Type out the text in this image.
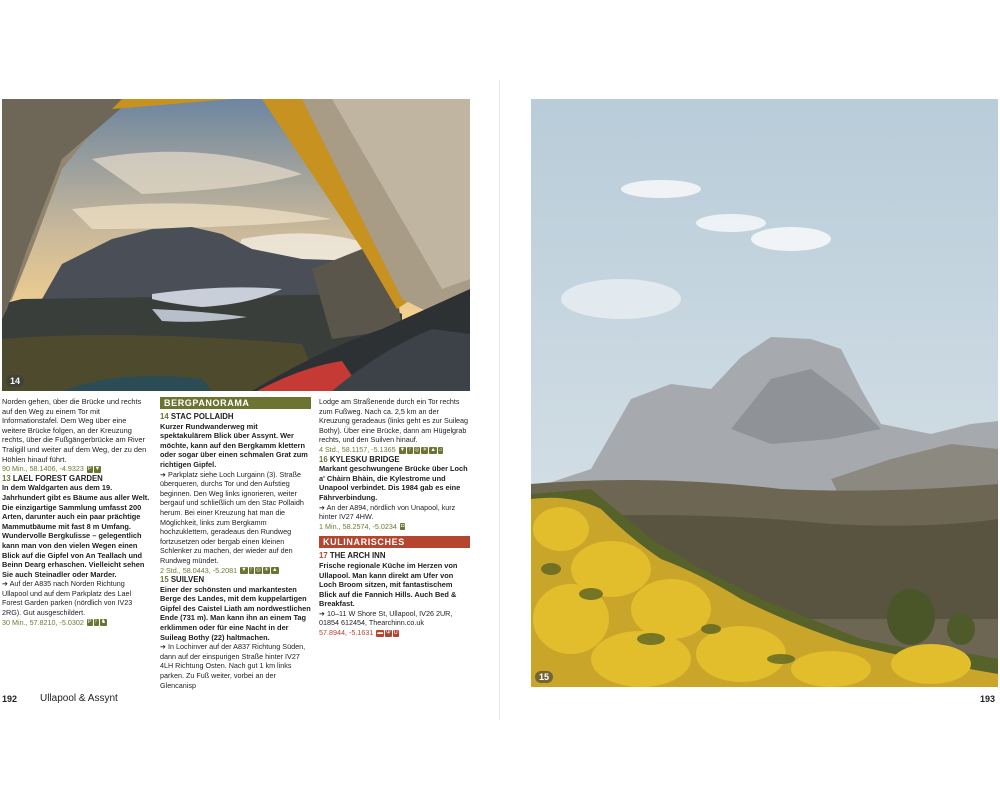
14
15

Norden gehen, über die Brücke und rechts auf den Weg zu einem Tor mit Informationstafel. Dem Weg über eine weitere Brücke folgen, an der Kreuzung rechts, über die Fußgängerbrücke am River Traligill und weiter auf dem Weg, der zu den Höhlen hinauf führt.

90 Min., 58.1406, -4.9323 P ▼

13 LAEL FOREST GARDEN

In dem Waldgarten aus dem 19. Jahrhundert gibt es Bäume aus aller Welt. Die einzigartige Sammlung umfasst 200 Arten, darunter auch ein paar prächtige Mammutbäume mit fast 8 m Umfang. Wundervolle Bergkulisse – gelegentlich kann man von den vielen Wegen einen Blick auf die Gipfel von An Teallach und Beinn Dearg erhaschen. Vielleicht sehen Sie auch Steinadler oder Marder.

➔ Auf der A835 nach Norden Richtung Ullapool und auf dem Parkplatz des Lael Forest Garden parken (nördlich von IV23 2RG). Gut ausgeschildert.

30 Min., 57.8210, -5.0302 P ᚹ ♞

BERGPANORAMA

14 STAC POLLAIDH

Kurzer Rundwanderweg mit spektakulärem Blick über Assynt. Wer möchte, kann auf den Bergkamm klettern oder sogar über einen schmalen Grat zum richtigen Gipfel.

➔ Parkplatz siehe Loch Lurgainn (3). Straße überqueren, durchs Tor und den Aufstieg beginnen. Den Weg links ignorieren, weiter bergauf und schließlich um den Stac Pollaidh herum. Bei einer Kreuzung hat man die Möglichkeit, links zum Bergkamm hochzuklettern, geradeaus den Rundweg fortzusetzen oder bergab einen kleinen Schlenker zu machen, der wieder auf den Rundweg mündet.

2 Std., 58.0443, -5.2081 ▼ ᚹ ◎ ☀ ▲

15 SUILVEN

Einer der schönsten und markantesten Berge des Landes, mit dem kuppelartigen Gipfel des Caistel Liath am nordwestlichen Ende (731 m). Man kann ihn an einem Tag erklimmen oder für eine Nacht in der Suileag Bothy (22) haltmachen.

➔ In Lochinver auf der A837 Richtung Süden, dann auf der einspurigen Straße hinter IV27 4LH Richtung Osten. Nach gut 1 km links parken. Zu Fuß weiter, vorbei an der Glencanisp

Lodge am Straßenende durch ein Tor rechts zum Fußweg. Nach ca. 2,5 km an der Kreuzung geradeaus (links geht es zur Suileag Bothy). Über eine Brücke, dann am Hügelgrab rechts, und den Suilven hinauf.

4 Std., 58.1157, -5.1365 ▼ ᚹ ◎ ☀ ▲ ⌂

16 KYLESKU BRIDGE

Markant geschwungene Brücke über Loch a' Chàirn Bhàin, die Kylestrome und Unapool verbindet. Dis 1984 gab es eine Fährverbindung.

➔ An der A894, nördlich von Unapool, kurz hinter IV27 4HW.

1 Min., 58.2574, -5.0234 ◘

KULINARISCHES

17 THE ARCH INN

Frische regionale Küche im Herzen von Ullapool. Man kann direkt am Ufer von Loch Broom sitzen, mit fantastischem Blick auf die Fannich Hills. Auch Bed & Breakfast.

➔ 10–11 W Shore St, Ullapool, IV26 2UR, 01854 612454, Thearchinn.co.uk

57.8944, -5.1631 ▬ Ψ Ū

192 Ullapool & Assynt	193
